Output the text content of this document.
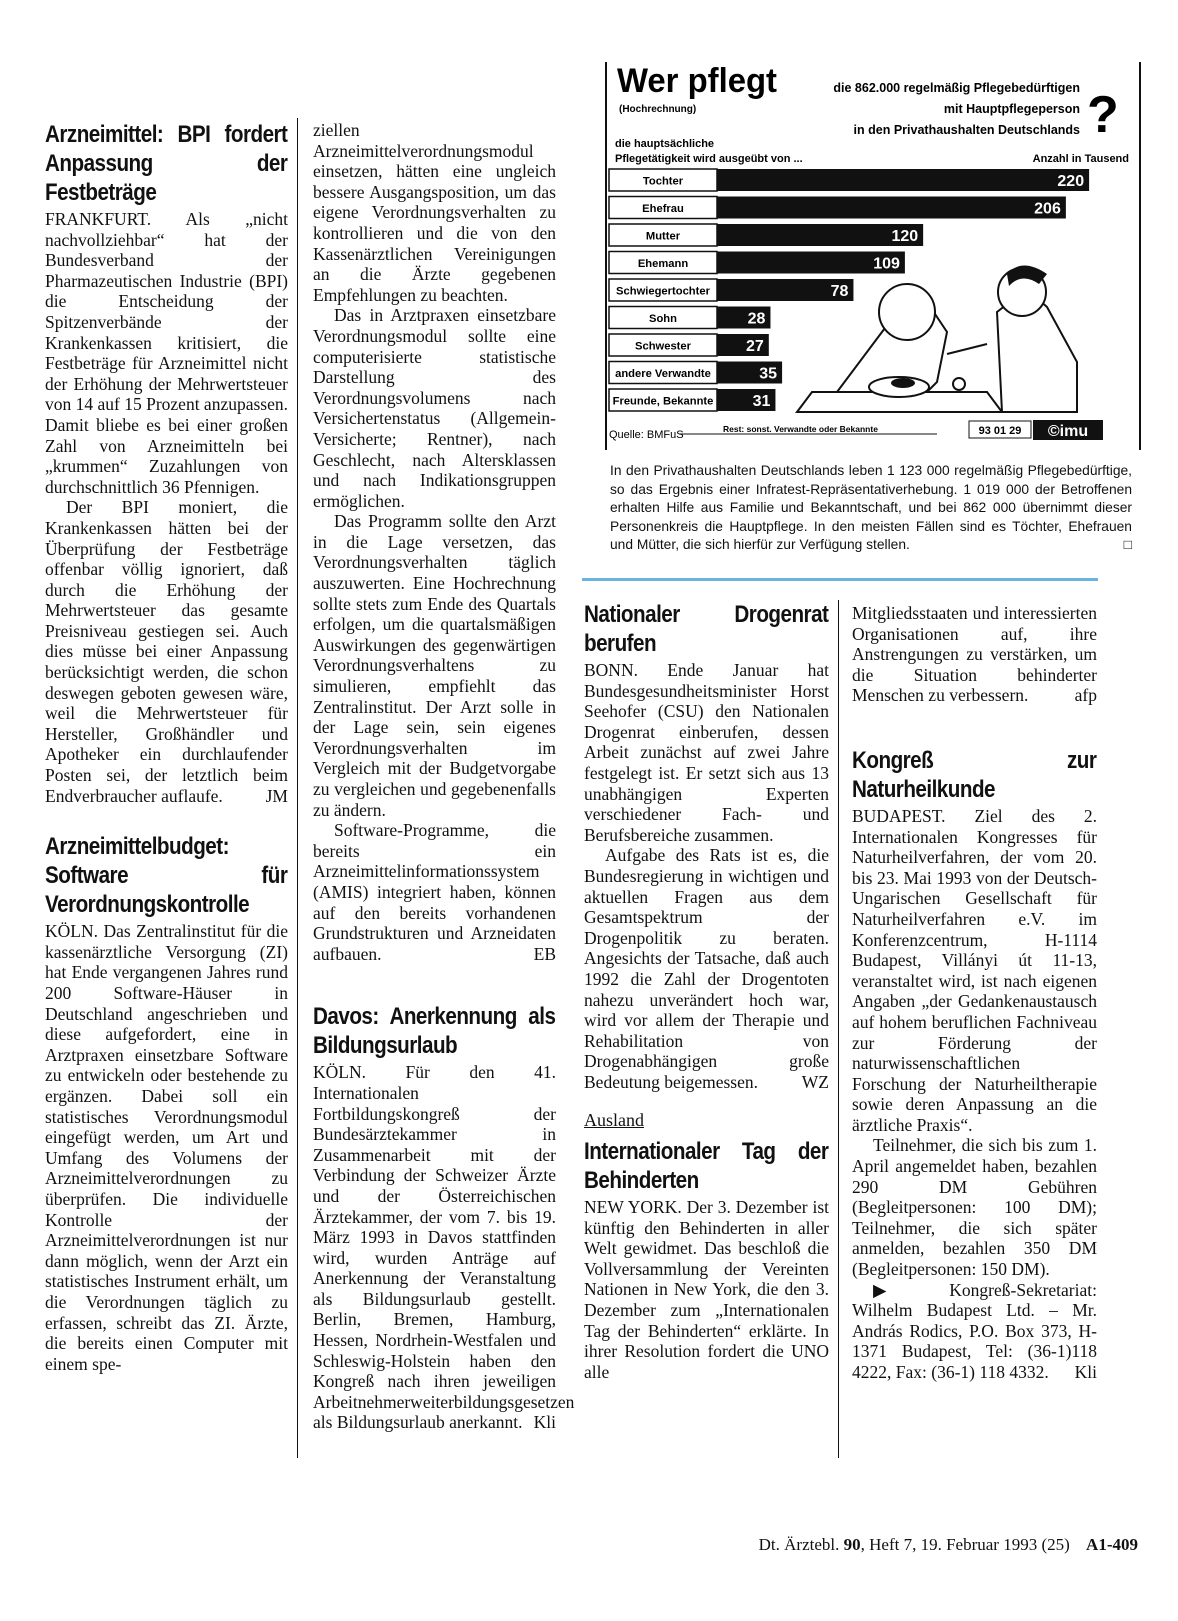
Arzneimittel: BPI fordert Anpassung der Festbeträge

FRANKFURT. Als „nicht nachvollziehbar“ hat der Bundesverband der Pharmazeutischen Industrie (BPI) die Entscheidung der Spitzenverbände der Krankenkassen kritisiert, die Festbeträge für Arzneimittel nicht der Erhöhung der Mehrwertsteuer von 14 auf 15 Prozent anzupassen. Damit bliebe es bei einer großen Zahl von Arzneimitteln bei „krummen“ Zuzahlungen von durchschnittlich 36 Pfennigen.

Der BPI moniert, die Krankenkassen hätten bei der Überprüfung der Festbeträge offenbar völlig ignoriert, daß durch die Erhöhung der Mehrwertsteuer das gesamte Preisniveau gestiegen sei. Auch dies müsse bei einer Anpassung berücksichtigt werden, die schon deswegen geboten gewesen wäre, weil die Mehrwertsteuer für Hersteller, Großhändler und Apotheker ein durchlaufender Posten sei, der letztlich beim Endverbraucher auflaufe.	JM

Arzneimittelbudget: Software für Verordnungskontrolle

KÖLN. Das Zentralinstitut für die kassenärztliche Versorgung (ZI) hat Ende vergangenen Jahres rund 200 Software-Häuser in Deutschland angeschrieben und diese aufgefordert, eine in Arztpraxen einsetzbare Software zu entwickeln oder bestehende zu ergänzen. Dabei soll ein statistisches Verordnungsmodul eingefügt werden, um Art und Umfang des Volumens der Arzneimittelverordnungen zu überprüfen. Die individuelle Kontrolle der Arzneimittelverordnungen ist nur dann möglich, wenn der Arzt ein statistisches Instrument erhält, um die Verordnungen täglich zu erfassen, schreibt das ZI. Ärzte, die bereits einen Computer mit einem spe-

ziellen Arzneimittelverordnungsmodul einsetzen, hätten eine ungleich bessere Ausgangsposition, um das eigene Verordnungsverhalten zu kontrollieren und die von den Kassenärztlichen Vereinigungen an die Ärzte gegebenen Empfehlungen zu beachten.

Das in Arztpraxen einsetzbare Verordnungsmodul sollte eine computerisierte statistische Darstellung des Verordnungsvolumens nach Versichertenstatus (Allgemein-Versicherte; Rentner), nach Geschlecht, nach Altersklassen und nach Indikationsgruppen ermöglichen.

Das Programm sollte den Arzt in die Lage versetzen, das Verordnungsverhalten täglich auszuwerten. Eine Hochrechnung sollte stets zum Ende des Quartals erfolgen, um die quartalsmäßigen Auswirkungen des gegenwärtigen Verordnungsverhaltens zu simulieren, empfiehlt das Zentralinstitut. Der Arzt solle in der Lage sein, sein eigenes Verordnungsverhalten im Vergleich mit der Budgetvorgabe zu vergleichen und gegebenenfalls zu ändern.

Software-Programme, die bereits ein Arzneimittelinformationssystem (AMIS) integriert haben, können auf den bereits vorhandenen Grundstrukturen und Arzneidaten aufbauen.	EB

Davos: Anerkennung als Bildungsurlaub

KÖLN. Für den 41. Internationalen Fortbildungskongreß der Bundesärztekammer in Zusammenarbeit mit der Verbindung der Schweizer Ärzte und der Österreichischen Ärztekammer, der vom 7. bis 19. März 1993 in Davos stattfinden wird, wurden Anträge auf Anerkennung der Veranstaltung als Bildungsurlaub gestellt. Berlin, Bremen, Hamburg, Hessen, Nordrhein-Westfalen und Schleswig-Holstein haben den Kongreß nach ihren jeweiligen Arbeitnehmerweiterbildungsgesetzen als Bildungsurlaub anerkannt. Kli

Wer pflegt
(Hochrechnung)
die 862.000 regelmäßig Pflegebedürftigen mit Hauptpflegeperson in den Privathaushalten Deutschlands ?
die hauptsächliche Pflegetätigkeit wird ausgeübt von ...	Anzahl in Tausend
Tochter	220
Ehefrau	206
Mutter	120
Ehemann	109
Schwiegertochter	78
Sohn	28
Schwester	27
andere Verwandte	35
Freunde, Bekannte 31
Quelle: BMFuS	Rest: sonst. Verwandte oder Bekannte	93 01 29 ©imu
In den Privathaushalten Deutschlands leben 1 123 000 regelmäßig Pflegebedürftige, so das Ergebnis einer Infratest-Repräsentativerhebung. 1 019 000 der Betroffenen erhalten Hilfe aus Familie und Bekanntschaft, und bei 862 000 übernimmt dieser Personenkreis die Hauptpflege. In den meisten Fällen sind es Töchter, Ehefrauen und Mütter, die sich hierfür zur Verfügung stellen.	□
Nationaler Drogenrat berufen

BONN. Ende Januar hat Bundesgesundheitsminister Horst Seehofer (CSU) den Nationalen Drogenrat einberufen, dessen Arbeit zunächst auf zwei Jahre festgelegt ist. Er setzt sich aus 13 unabhängigen Experten verschiedener Fach- und Berufsbereiche zusammen.

Aufgabe des Rats ist es, die Bundesregierung in wichtigen und aktuellen Fragen aus dem Gesamtspektrum der Drogenpolitik zu beraten. Angesichts der Tatsache, daß auch 1992 die Zahl der Drogentoten nahezu unverändert hoch war, wird vor allem der Therapie und Rehabilitation von Drogenabhängigen große Bedeutung beigemessen.	WZ

Ausland
Internationaler Tag der Behinderten

NEW YORK. Der 3. Dezember ist künftig den Behinderten in aller Welt gewidmet. Das beschloß die Vollversammlung der Vereinten Nationen in New York, die den 3. Dezember zum „Internationalen Tag der Behinderten“ erklärte. In ihrer Resolution fordert die UNO alle

Mitgliedsstaaten und interessierten Organisationen auf, ihre Anstrengungen zu verstärken, um die Situation behinderter Menschen zu verbessern.	afp

Kongreß zur Naturheilkunde

BUDAPEST. Ziel des 2. Internationalen Kongresses für Naturheilverfahren, der vom 20. bis 23. Mai 1993 von der Deutsch-Ungarischen Gesellschaft für Naturheilverfahren e.V. im Konferenzcentrum, H-1114 Budapest, Villányi út 11-13, veranstaltet wird, ist nach eigenen Angaben „der Gedankenaustausch auf hohem beruflichen Fachniveau zur Förderung der naturwissenschaftlichen Forschung der Naturheiltherapie sowie deren Anpassung an die ärztliche Praxis“.

Teilnehmer, die sich bis zum 1. April angemeldet haben, bezahlen 290 DM Gebühren (Begleitpersonen: 100 DM); Teilnehmer, die sich später anmelden, bezahlen 350 DM (Begleitpersonen: 150 DM).

▶ Kongreß-Sekretariat: Wilhelm Budapest Ltd. – Mr. András Rodics, P.O. Box 373, H-1371 Budapest, Tel: (36-1)118 4222, Fax: (36-1) 118 4332.	Kli

Dt. Ärztebl. 90, Heft 7, 19. Februar 1993 (25) A1-409
